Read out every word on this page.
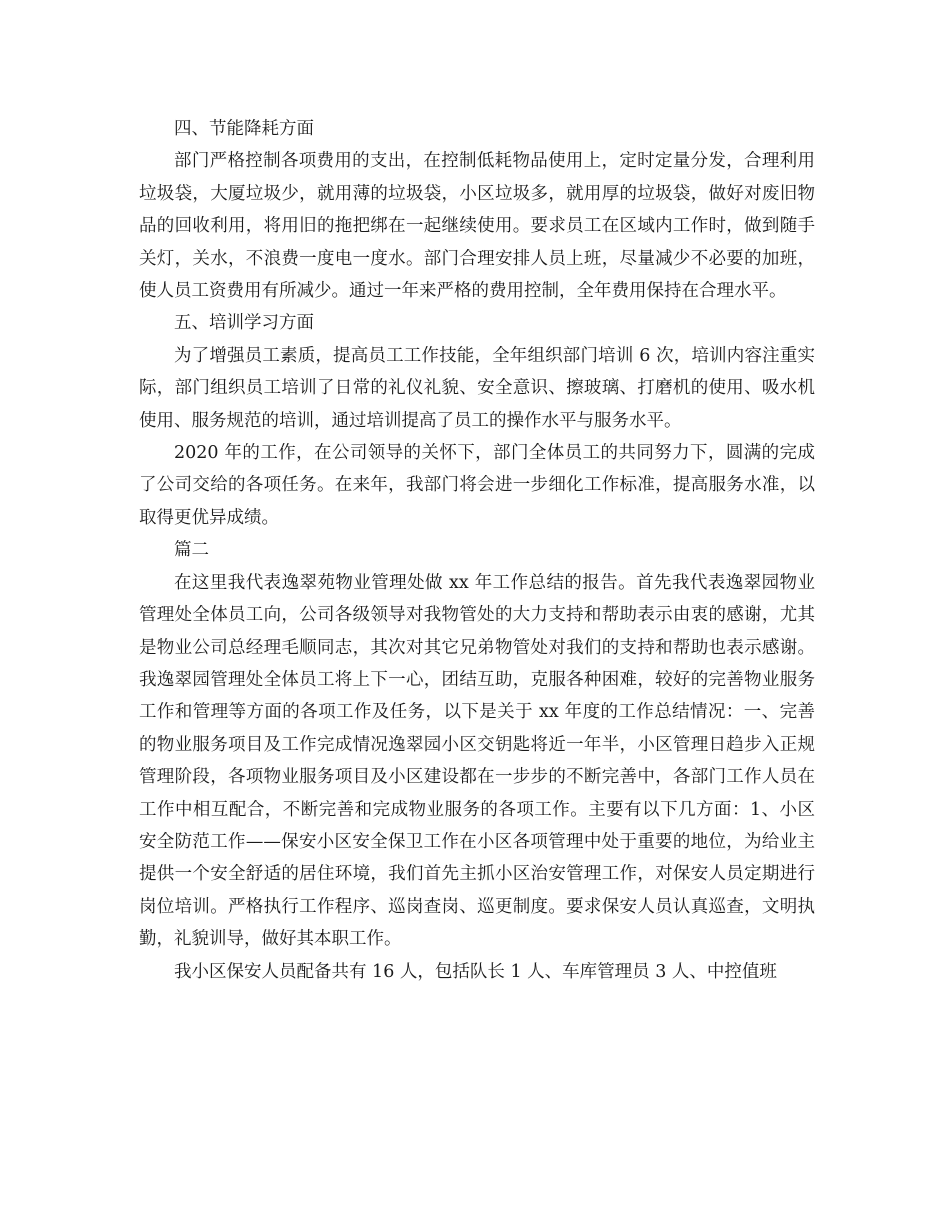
四、节能降耗方面

部门严格控制各项费用的支出，在控制低耗物品使用上，定时定量分发，合理利用垃圾袋，大厦垃圾少，就用薄的垃圾袋，小区垃圾多，就用厚的垃圾袋，做好对废旧物品的回收利用，将用旧的拖把绑在一起继续使用。要求员工在区域内工作时，做到随手关灯，关水，不浪费一度电一度水。部门合理安排人员上班，尽量减少不必要的加班，使人员工资费用有所减少。通过一年来严格的费用控制，全年费用保持在合理水平。

五、培训学习方面

为了增强员工素质，提高员工工作技能，全年组织部门培训 6 次，培训内容注重实际，部门组织员工培训了日常的礼仪礼貌、安全意识、擦玻璃、打磨机的使用、吸水机使用、服务规范的培训，通过培训提高了员工的操作水平与服务水平。

2020 年的工作，在公司领导的关怀下，部门全体员工的共同努力下，圆满的完成了公司交给的各项任务。在来年，我部门将会进一步细化工作标准，提高服务水准，以取得更优异成绩。

篇二

在这里我代表逸翠苑物业管理处做 xx 年工作总结的报告。首先我代表逸翠园物业管理处全体员工向，公司各级领导对我物管处的大力支持和帮助表示由衷的感谢，尤其是物业公司总经理毛顺同志，其次对其它兄弟物管处对我们的支持和帮助也表示感谢。我逸翠园管理处全体员工将上下一心，团结互助，克服各种困难，较好的完善物业服务工作和管理等方面的各项工作及任务，以下是关于 xx 年度的工作总结情况：一、完善的物业服务项目及工作完成情况逸翠园小区交钥匙将近一年半，小区管理日趋步入正规管理阶段，各项物业服务项目及小区建设都在一步步的不断完善中，各部门工作人员在工作中相互配合，不断完善和完成物业服务的各项工作。主要有以下几方面：1、小区安全防范工作——保安小区安全保卫工作在小区各项管理中处于重要的地位，为给业主提供一个安全舒适的居住环境，我们首先主抓小区治安管理工作，对保安人员定期进行岗位培训。严格执行工作程序、巡岗查岗、巡更制度。要求保安人员认真巡查，文明执勤，礼貌训导，做好其本职工作。

我小区保安人员配备共有 16 人，包括队长 1 人、车库管理员 3 人、中控值班
